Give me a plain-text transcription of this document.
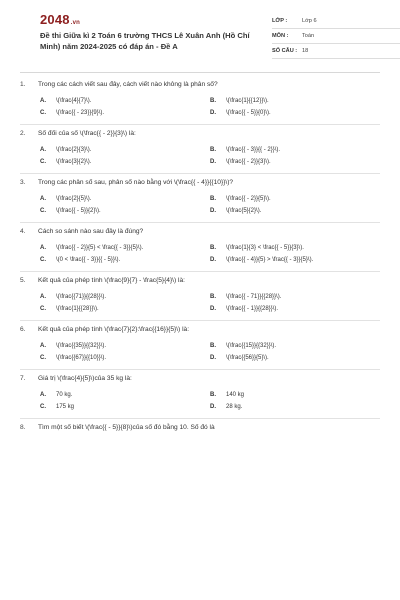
2048.vn
Đề thi Giữa kì 2 Toán 6 trường THCS Lê Xuân Anh (Hồ Chí Minh) năm 2024-2025 có đáp án - Đề A
LỚP :	Lớp 6
MÔN :	Toán
SỐ CÂU : 18
1.	Trong các cách viết sau đây, cách viết nào không là phân số?
A.	\(\frac{4}{7}\).	B.	\(\frac{1}{{12}}\).
C.	\(\frac{{ - 23}}{9}\).	D.	\(\frac{{ - 5}}{0}\).
2.	Số đối của số \(\frac{{ - 2}}{3}\) là:
A.	\(\frac{2}{3}\).	B.	\(\frac{{ - 3}}{{ - 2}}\).
C.	\(\frac{3}{2}\).	D.	\(\frac{{ - 2}}{3}\).
3.	Trong các phân số sau, phân số nào bằng với \(\frac{{ - 4}}{{10}}\)?
A.	\(\frac{2}{5}\).	B.	\(\frac{{ - 2}}{5}\).
C.	\(\frac{{ - 5}}{2}\).	D.	\(\frac{5}{2}\).
4.	Cách so sánh nào sau đây là đúng?
A.	\(\frac{{ - 2}}{5} < \frac{{ - 3}}{5}\).	B.	\(\frac{1}{3} < \frac{{ - 5}}{3}\).
C.	\(0 < \frac{{ - 3}}{{ - 5}}\).	D.	\(\frac{{ - 4}}{5} > \frac{{ - 3}}{5}\).
5.	Kết quả của phép tính \(\frac{9}{7} - \frac{5}{4}\) là:
A.	\(\frac{{71}}{{28}}\).	B.	\(\frac{{ - 71}}{{28}}\).
C.	\(\frac{1}{{28}}\).	D.	\(\frac{{ - 1}}{{28}}\).
6.	Kết quả của phép tính \(\frac{7}{2}:\frac{{16}}{5}\) là:
A.	\(\frac{{35}}{{32}}\).	B.	\(\frac{{15}}{{32}}\).
C.	\(\frac{{67}}{{10}}\).	D.	\(\frac{{56}}{5}\).
7.	Giá trị \(\frac{4}{5}\)của 35 kg là:
A.	70 kg.	B.	140 kg
C.	175 kg	D.	28 kg.
8.	Tìm một số biết \(\frac{{ - 5}}{8}\)của số đó bằng 10. Số đó là
